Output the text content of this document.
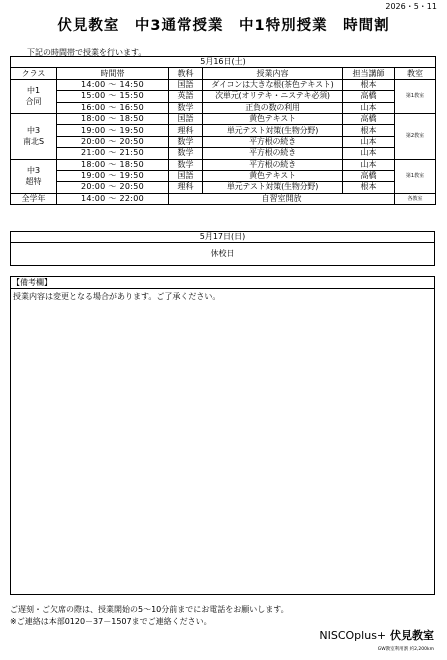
2026・5・11
伏見教室　中3通常授業　中1特別授業　時間割
下記の時間帯で授業を行います。
5月16日(土)					
クラス	時間帯	教科	授業内容	担当講師	教室
中1
合同	14:00 ～ 14:50	国語	ダイコンは大きな根(茶色テキスト)	根本	第1教室
	15:00 ～ 15:50	英語	次単元(オリテキ・ニステキ必須)	高橋	
	16:00 ～ 16:50	数学	正負の数の利用	山本	
中3
南北S	18:00 ～ 18:50	国語	黄色テキスト	高橋	第2教室
	19:00 ～ 19:50	理科	単元テスト対策(生物分野)	根本	
	20:00 ～ 20:50	数学	平方根の続き	山本	
	21:00 ～ 21:50	数学	平方根の続き	山本	
中3
超特	18:00 ～ 18:50	数学	平方根の続き	山本	第1教室
	19:00 ～ 19:50	国語	黄色テキスト	高橋	
	20:00 ～ 20:50	理科	単元テスト対策(生物分野)	根本	
全学年	14:00 ～ 22:00	自習室開放			各教室
5月17日(日)
休校日
【備考欄】
授業内容は変更となる場合があります。ご了承ください。
ご遅刻・ご欠席の際は、授業開始の5～10分前までにお電話をお願いします。
※ご連絡は本部0120－37－1507までご連絡ください。
NISCOplus+ 伏見教室
GW教室利用割 約2,200km
